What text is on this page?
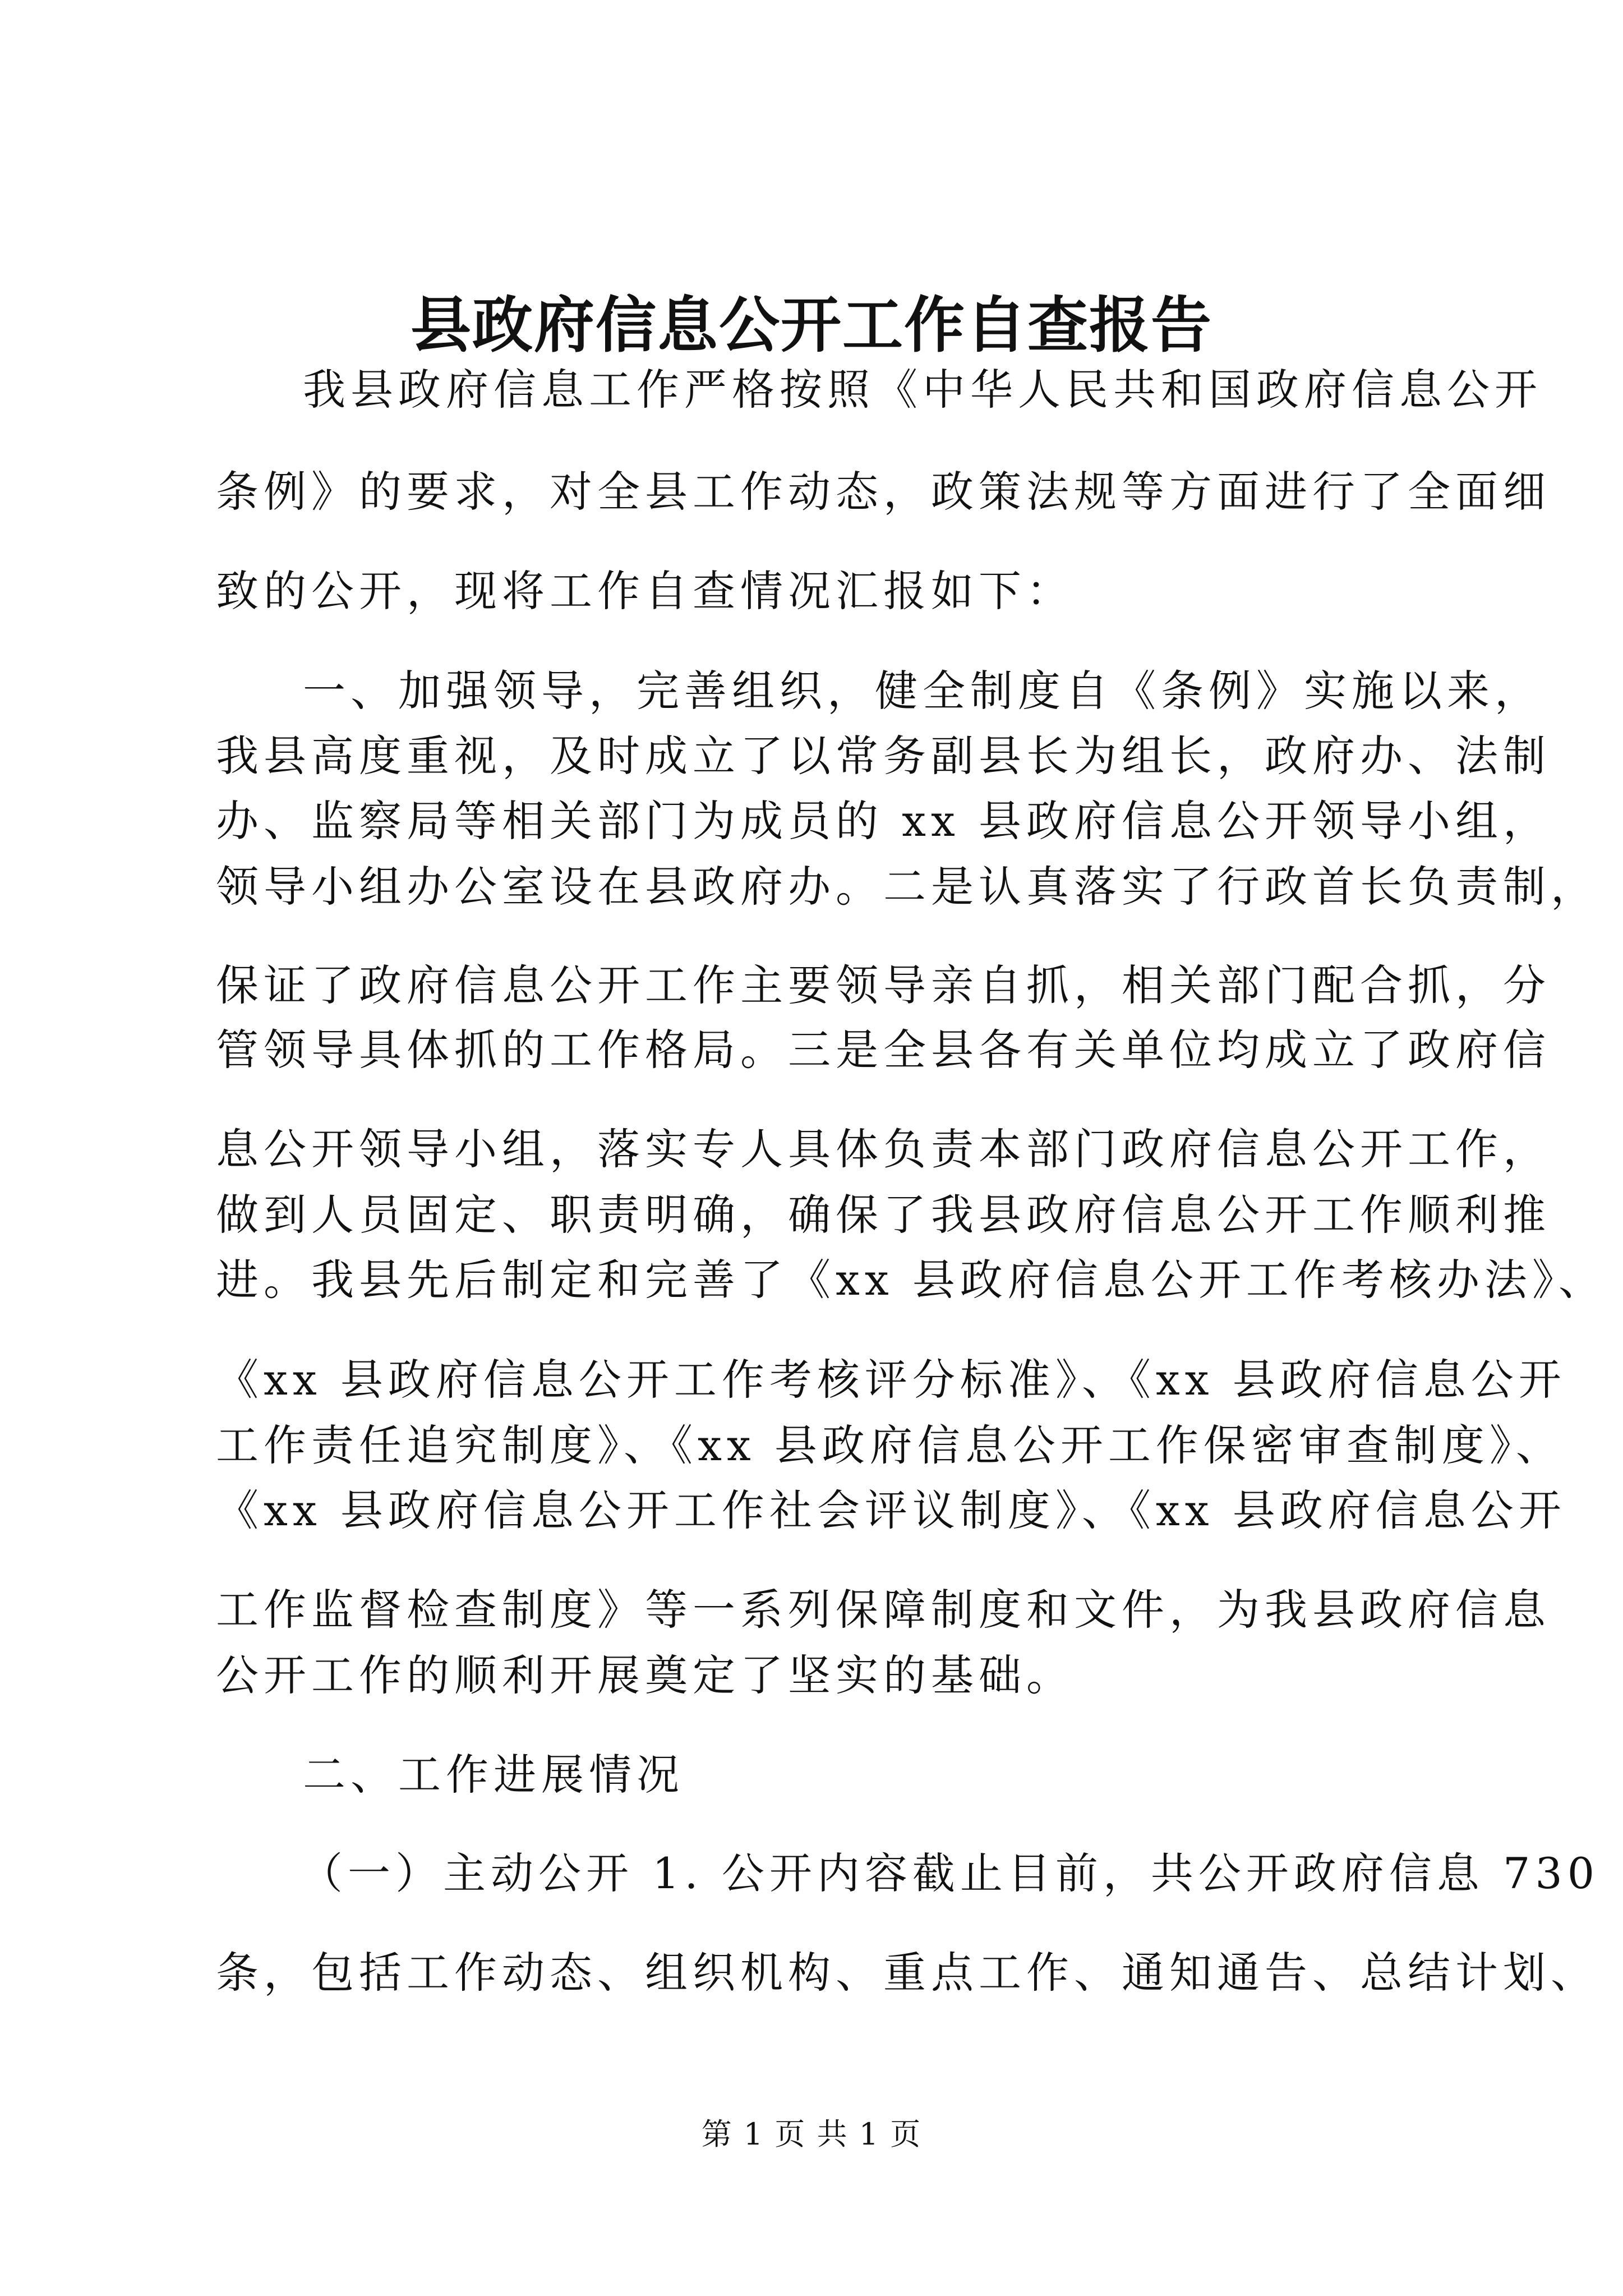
县政府信息公开工作自查报告
我县政府信息工作严格按照《中华人民共和国政府信息公开
条例》的要求，对全县工作动态，政策法规等方面进行了全面细
致的公开，现将工作自查情况汇报如下：
一、加强领导，完善组织，健全制度自《条例》实施以来，
我县高度重视，及时成立了以常务副县长为组长，政府办、法制
办、监察局等相关部门为成员的 xx 县政府信息公开领导小组，
领导小组办公室设在县政府办。二是认真落实了行政首长负责制，
保证了政府信息公开工作主要领导亲自抓，相关部门配合抓，分
管领导具体抓的工作格局。三是全县各有关单位均成立了政府信
息公开领导小组，落实专人具体负责本部门政府信息公开工作，
做到人员固定、职责明确，确保了我县政府信息公开工作顺利推
进。我县先后制定和完善了《xx 县政府信息公开工作考核办法》、
《xx 县政府信息公开工作考核评分标准》、《xx 县政府信息公开
工作责任追究制度》、《xx 县政府信息公开工作保密审查制度》、
《xx 县政府信息公开工作社会评议制度》、《xx 县政府信息公开
工作监督检查制度》等一系列保障制度和文件，为我县政府信息
公开工作的顺利开展奠定了坚实的基础。
二、工作进展情况
（一）主动公开 1. 公开内容截止目前，共公开政府信息 730
条，包括工作动态、组织机构、重点工作、通知通告、总结计划、
第 1 页 共 1 页
